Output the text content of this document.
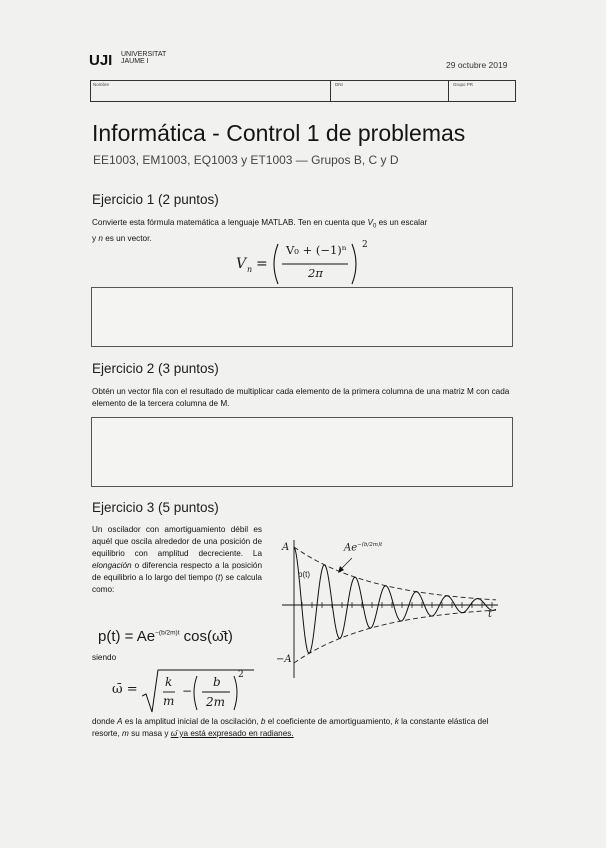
UJI UNIVERSITAT
JAUME I	29 octubre 2019
Nombre	DNI	Grupo PR
Informática - Control 1 de problemas
EE1003, EM1003, EQ1003 y ET1003 — Grupos B, C y D
Ejercicio 1 (2 puntos)
Convierte esta fórmula matemática a lenguaje MATLAB. Ten en cuenta que $V_0$ es un escalar
y n es un vector.
V n =
V₀ + (−1)ⁿ
2π
2
Ejercicio 2 (3 puntos)
Obtén un vector fila con el resultado de multiplicar cada elemento de la primera columna de una matriz M con cada elemento de la tercera columna de M.
Ejercicio 3 (5 puntos)
Un oscilador con amortiguamiento débil es aquél que oscila alrededor de una posición de equilibrio con amplitud decreciente. La elongación o diferencia respecto a la posición de equilibrio a lo largo del tiempo (t) se calcula como:
$p(t) = Ae^{-(b/2m)t}$ cos(ω̄t)
siendo
ω̄ = k
m
−
b
2m
2
A
−A
$Ae^{-(b/2m)t}$
p(t)
t
donde A es la amplitud inicial de la oscilación, b el coeficiente de amortiguamiento, k la constante elástica del resorte, m su masa y ω̄ ya está expresado en radianes.
